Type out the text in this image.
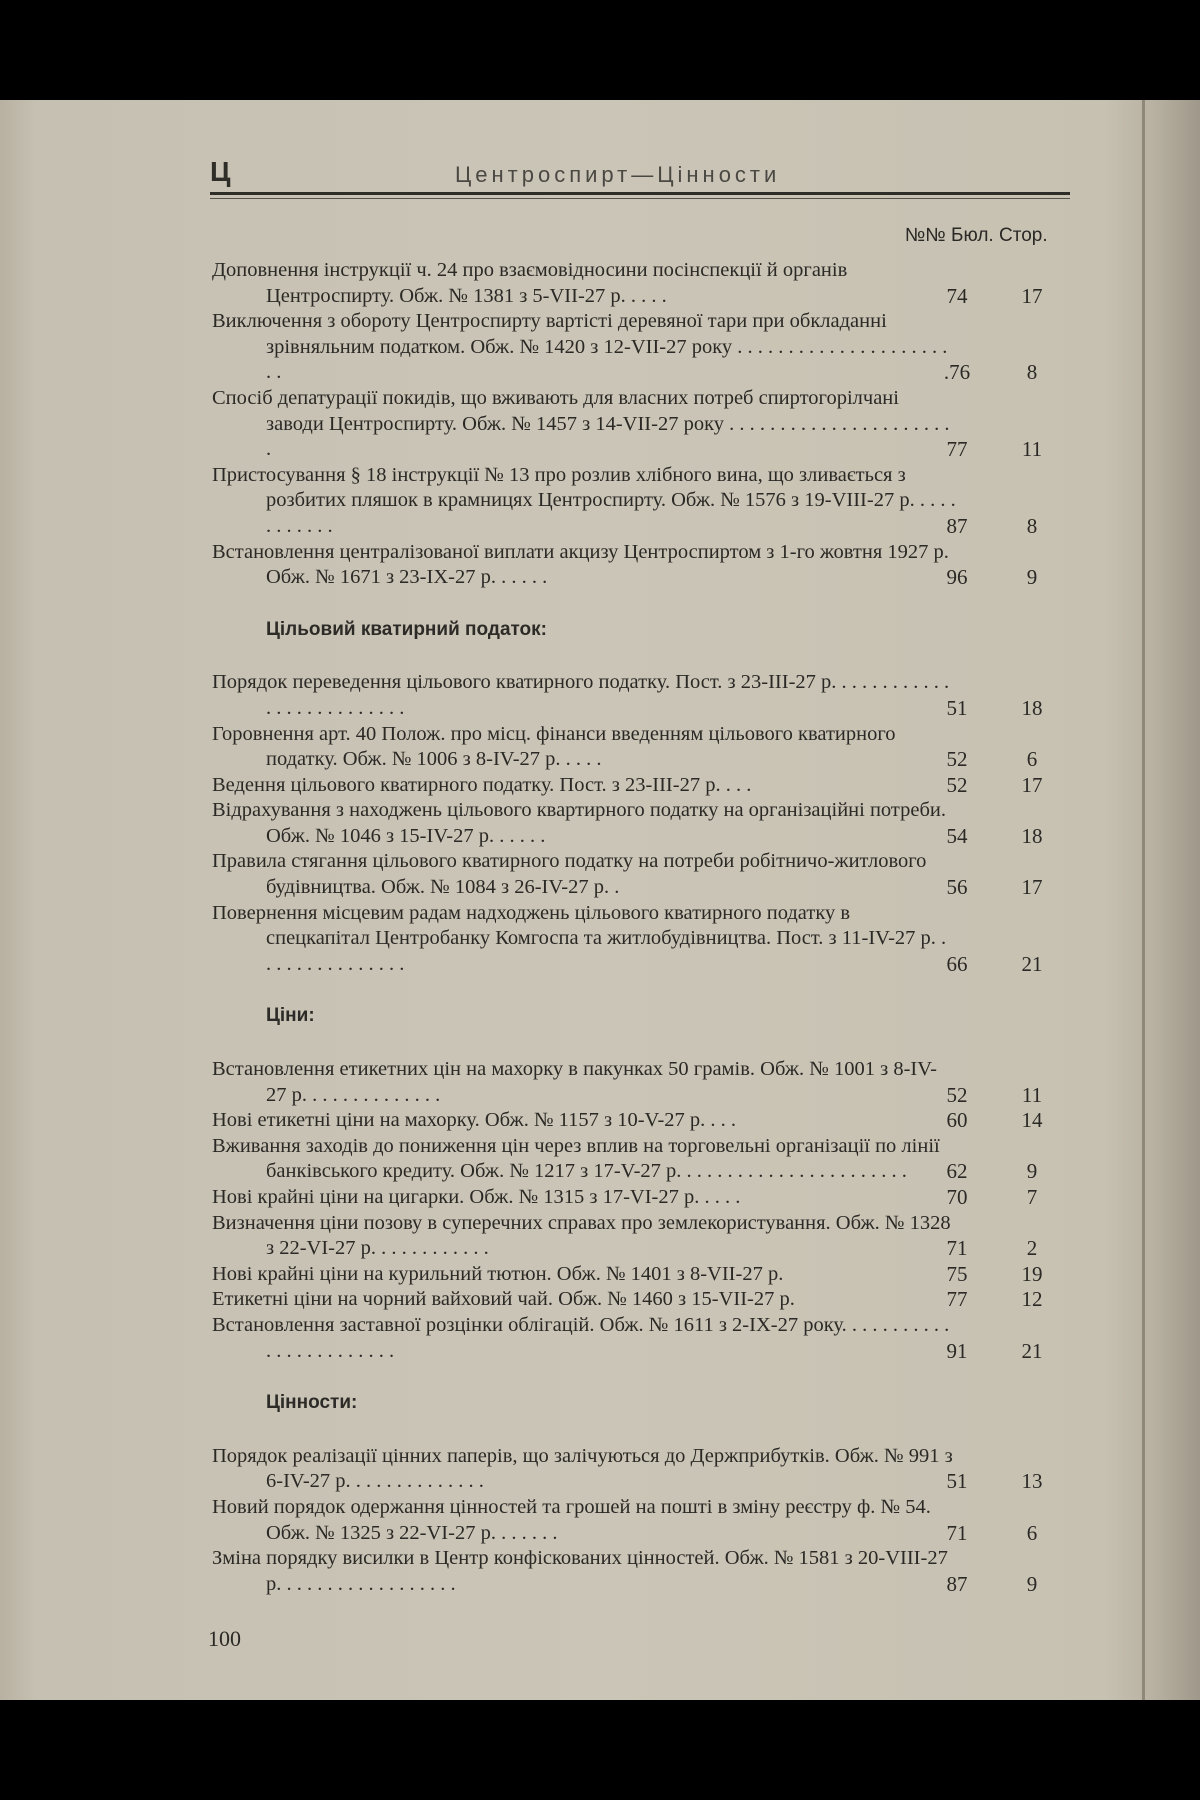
Ц	Центроспирт—Цінности
№№ Бюл. Стор.
Доповнення інструкції ч. 24 про взаємовідносини посінспекції й органів Центроспирту. Обж. № 1381 з 5-VII-27 р. . . . .	74	17
Виключення з обороту Центроспирту вартісті деревяної тари при обкладанні зрівняльним податком. Обж. № 1420 з 12-VII-27 року . . . . . . . . . . . . . . . . . . . . . . .	.76	8
Спосіб депатурації покидів, що вживають для власних потреб спиртогорілчані заводи Центроспирту. Обж. № 1457 з 14-VII-27 року . . . . . . . . . . . . . . . . . . . . . . .	77	11
Пристосування § 18 інструкції № 13 про розлив хлібного вина, що зливається з розбитих пляшок в крамницях Центроспирту. Обж. № 1576 з 19-VIII-27 р. . . . . . . . . . . .	87	8
Встановлення централізованої виплати акцизу Центроспиртом з 1-го жовтня 1927 р. Обж. № 1671 з 23-IX-27 р. . . . . .	96	9
Цільовий кватирний податок:
Порядок переведення цільового кватирного податку. Пост. з 23-III-27 р. . . . . . . . . . . . . . . . . . . . . . . . . .	51	18
Горовнення арт. 40 Полож. про місц. фінанси введенням цільового кватирного податку. Обж. № 1006 з 8-IV-27 р. . . . .	52	6
Ведення цільового кватирного податку. Пост. з 23-III-27 р. . . .	52	17
Відрахування з находжень цільового квартирного податку на організаційні потреби. Обж. № 1046 з 15-IV-27 р. . . . . .	54	18
Правила стягання цільового кватирного податку на потреби робітничо-житлового будівництва. Обж. № 1084 з 26-IV-27 р. .	56	17
Повернення місцевим радам надходжень цільового кватирного податку в спецкапітал Центробанку Комгоспа та житлобудівництва. Пост. з 11-IV-27 р. . . . . . . . . . . . . . . .	66	21
Ціни:
Встановлення етикетних цін на махорку в пакунках 50 грамів. Обж. № 1001 з 8-IV-27 р. . . . . . . . . . . . . .	52	11
Нові етикетні ціни на махорку. Обж. № 1157 з 10-V-27 р. . . .	60	14
Вживання заходів до пониження цін через вплив на торговельні організації по лінії банківського кредиту. Обж. № 1217 з 17-V-27 р. . . . . . . . . . . . . . . . . . . . . . .	62	9
Нові крайні ціни на цигарки. Обж. № 1315 з 17-VI-27 р. . . . .	70	7
Визначення ціни позову в суперечних справах про землекористування. Обж. № 1328 з 22-VI-27 р. . . . . . . . . . . .	71	2
Нові крайні ціни на курильний тютюн. Обж. № 1401 з 8-VII-27 р.	75	19
Етикетні ціни на чорний вайховий чай. Обж. № 1460 з 15-VII-27 р.	77	12
Встановлення заставної розцінки облігацій. Обж. № 1611 з 2-IX-27 року. . . . . . . . . . . . . . . . . . . . . . . .	91	21
Цінности:
Порядок реалізації цінних паперів, що залічуються до Держприбутків. Обж. № 991 з 6-IV-27 р. . . . . . . . . . . . . .	51	13
Новий порядок одержання цінностей та грошей на пошті в зміну реєстру ф. № 54. Обж. № 1325 з 22-VI-27 р. . . . . . .	71	6
Зміна порядку висилки в Центр конфіскованих цінностей. Обж. № 1581 з 20-VIII-27 р. . . . . . . . . . . . . . . . . .	87	9
100
